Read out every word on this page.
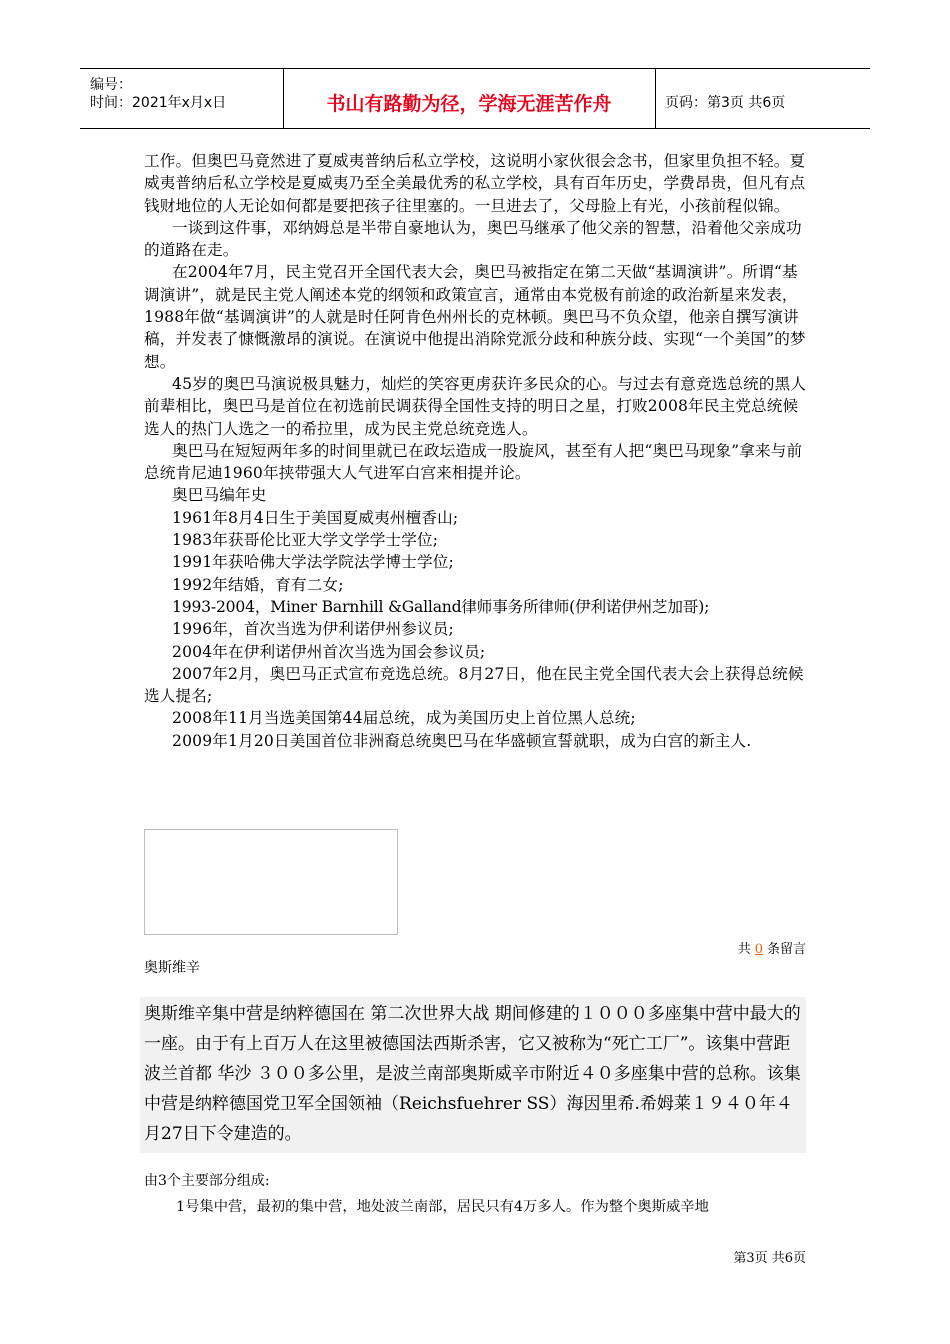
编号：
时间：2021年x月x日	书山有路勤为径，学海无涯苦作舟	页码：第3页 共6页

工作。但奥巴马竟然进了夏威夷普纳后私立学校，这说明小家伙很会念书，但家里负担不轻。夏威夷普纳后私立学校是夏威夷乃至全美最优秀的私立学校，具有百年历史，学费昂贵，但凡有点钱财地位的人无论如何都是要把孩子往里塞的。一旦进去了，父母脸上有光，小孩前程似锦。

一谈到这件事，邓纳姆总是半带自豪地认为，奥巴马继承了他父亲的智慧，沿着他父亲成功的道路在走。

在2004年7月，民主党召开全国代表大会，奥巴马被指定在第二天做“基调演讲”。所谓“基调演讲”，就是民主党人阐述本党的纲领和政策宣言，通常由本党极有前途的政治新星来发表，1988年做“基调演讲”的人就是时任阿肯色州州长的克林顿。奥巴马不负众望，他亲自撰写演讲稿，并发表了慷慨激昂的演说。在演说中他提出消除党派分歧和种族分歧、实现“一个美国”的梦想。

45岁的奥巴马演说极具魅力，灿烂的笑容更虏获许多民众的心。与过去有意竞选总统的黑人前辈相比，奥巴马是首位在初选前民调获得全国性支持的明日之星，打败2008年民主党总统候选人的热门人选之一的希拉里，成为民主党总统竞选人。

奥巴马在短短两年多的时间里就已在政坛造成一股旋风，甚至有人把“奥巴马现象”拿来与前总统肯尼迪1960年挟带强大人气进军白宫来相提并论。

奥巴马编年史

1961年8月4日生于美国夏威夷州檀香山;

1983年获哥伦比亚大学文学学士学位;

1991年获哈佛大学法学院法学博士学位;

1992年结婚，育有二女;

1993-2004，Miner Barnhill &Galland律师事务所律师(伊利诺伊州芝加哥);

1996年，首次当选为伊利诺伊州参议员;

2004年在伊利诺伊州首次当选为国会参议员;

2007年2月，奥巴马正式宣布竞选总统。8月27日，他在民主党全国代表大会上获得总统候选人提名;

2008年11月当选美国第44届总统，成为美国历史上首位黑人总统;

2009年1月20日美国首位非洲裔总统奥巴马在华盛顿宣誓就职，成为白宫的新主人.

共 0 条留言
奥斯维辛

奥斯维辛集中营是纳粹德国在 第二次世界大战 期间修建的１０００多座集中营中最大的一座。由于有上百万人在这里被德国法西斯杀害，它又被称为“死亡工厂”。该集中营距波兰首都 华沙 ３００多公里，是波兰南部奥斯威辛市附近４０多座集中营的总称。该集中营是纳粹德国党卫军全国领袖（Reichsfuehrer SS）海因里希.希姆莱１９４０年４月27日下令建造的。

由3个主要部分组成:
1号集中营，最初的集中营，地处波兰南部，居民只有4万多人。作为整个奥斯威辛地
第3页 共6页
